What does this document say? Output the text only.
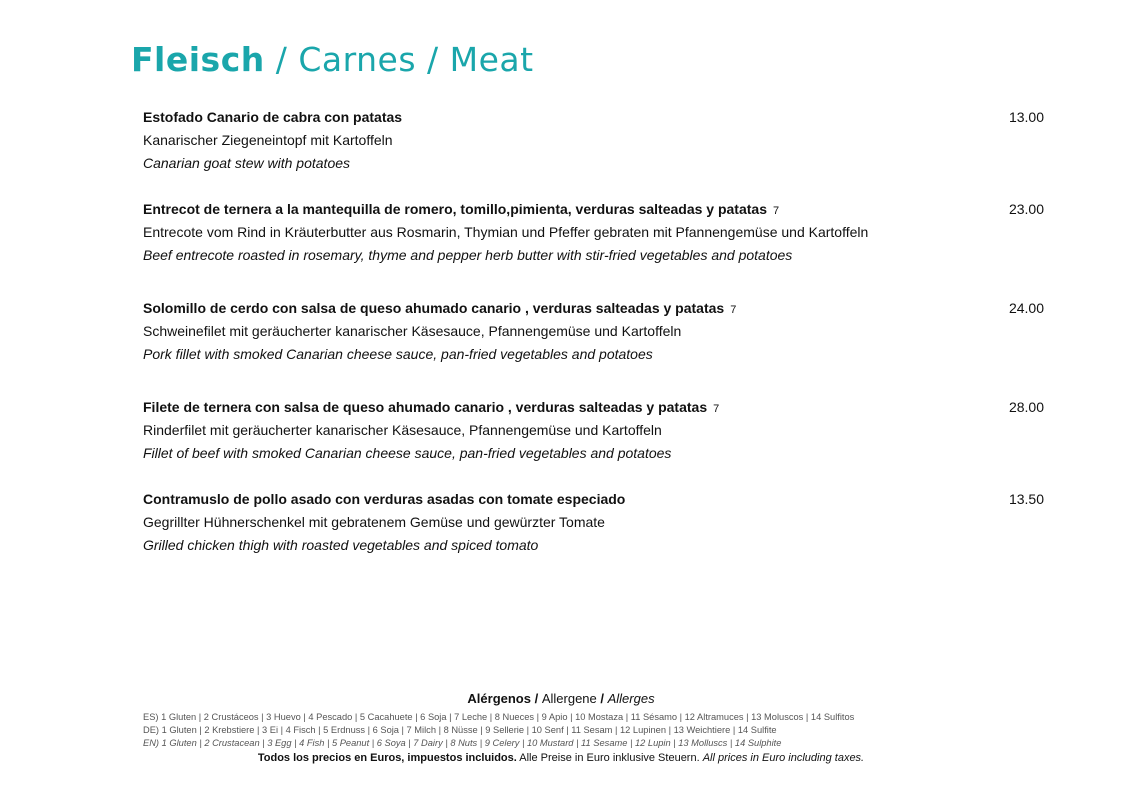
Fleisch / Carnes / Meat
Estofado Canario de cabra con patatas
Kanarischer Ziegeneintopf mit Kartoffeln
Canarian goat stew with potatoes
13.00
Entrecot de ternera a la mantequilla de romero, tomillo,pimienta, verduras salteadas y patatas 7
Entrecote vom Rind in Kräuterbutter aus Rosmarin, Thymian und Pfeffer gebraten mit Pfannengemüse und Kartoffeln
Beef entrecote roasted in rosemary, thyme and pepper herb butter with stir-fried vegetables and potatoes
23.00
Solomillo de cerdo con salsa de queso ahumado canario , verduras salteadas y patatas 7
Schweinefilet mit geräucherter kanarischer Käsesauce, Pfannengemüse und Kartoffeln
Pork fillet with smoked Canarian cheese sauce, pan-fried vegetables and potatoes
24.00
Filete de ternera con salsa de queso ahumado canario , verduras salteadas y patatas 7
Rinderfilet mit geräucherter kanarischer Käsesauce, Pfannengemüse und Kartoffeln
Fillet of beef with smoked Canarian cheese sauce, pan-fried vegetables and potatoes
28.00
Contramuslo de pollo asado con verduras asadas con tomate especiado
Gegrillter Hühnerschenkel mit gebratenem Gemüse und gewürzter Tomate
Grilled chicken thigh with roasted vegetables and spiced tomato
13.50
Alérgenos / Allergene / Allerges
ES) 1 Gluten | 2 Crustáceos | 3 Huevo | 4 Pescado | 5 Cacahuete | 6 Soja | 7 Leche | 8 Nueces | 9 Apio | 10 Mostaza | 11 Sésamo | 12 Altramuces | 13 Moluscos | 14 Sulfitos
DE) 1 Gluten | 2 Krebstiere | 3 Ei | 4 Fisch | 5 Erdnuss | 6 Soja | 7 Milch | 8 Nüsse | 9 Sellerie | 10 Senf | 11 Sesam | 12 Lupinen | 13 Weichtiere | 14 Sulfite
EN) 1 Gluten | 2 Crustacean | 3 Egg | 4 Fish | 5 Peanut | 6 Soya | 7 Dairy | 8 Nuts | 9 Celery | 10 Mustard | 11 Sesame | 12 Lupin | 13 Molluscs | 14 Sulphite
Todos los precios en Euros, impuestos incluidos. Alle Preise in Euro inklusive Steuern. All prices in Euro including taxes.
